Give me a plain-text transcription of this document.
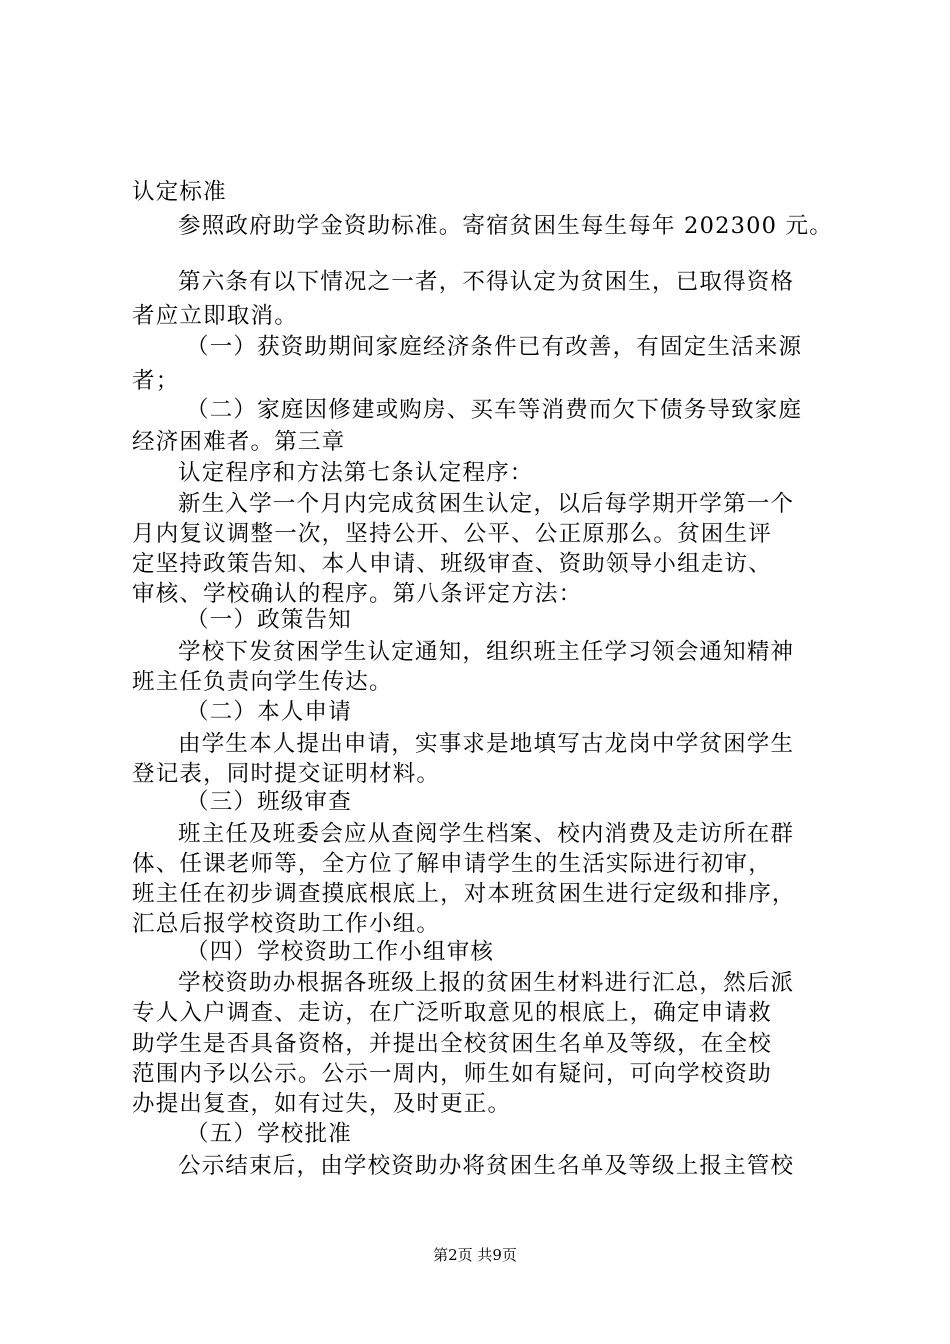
认定标准
参照政府助学金资助标准。寄宿贫困生每生每年 202300 元。
第六条有以下情况之一者，不得认定为贫困生，已取得资格
者应立即取消。
（一）获资助期间家庭经济条件已有改善，有固定生活来源
者；
（二）家庭因修建或购房、买车等消费而欠下债务导致家庭
经济困难者。第三章
认定程序和方法第七条认定程序：
新生入学一个月内完成贫困生认定，以后每学期开学第一个
月内复议调整一次，坚持公开、公平、公正原那么。贫困生评
定坚持政策告知、本人申请、班级审查、资助领导小组走访、
审核、学校确认的程序。第八条评定方法：
（一）政策告知
学校下发贫困学生认定通知，组织班主任学习领会通知精神
班主任负责向学生传达。
（二）本人申请
由学生本人提出申请，实事求是地填写古龙岗中学贫困学生
登记表，同时提交证明材料。
（三）班级审查
班主任及班委会应从查阅学生档案、校内消费及走访所在群
体、任课老师等，全方位了解申请学生的生活实际进行初审，
班主任在初步调查摸底根底上，对本班贫困生进行定级和排序，
汇总后报学校资助工作小组。
（四）学校资助工作小组审核
学校资助办根据各班级上报的贫困生材料进行汇总，然后派
专人入户调查、走访，在广泛听取意见的根底上，确定申请救
助学生是否具备资格，并提出全校贫困生名单及等级，在全校
范围内予以公示。公示一周内，师生如有疑问，可向学校资助
办提出复查，如有过失，及时更正。
（五）学校批准
公示结束后，由学校资助办将贫困生名单及等级上报主管校
第2页 共9页
